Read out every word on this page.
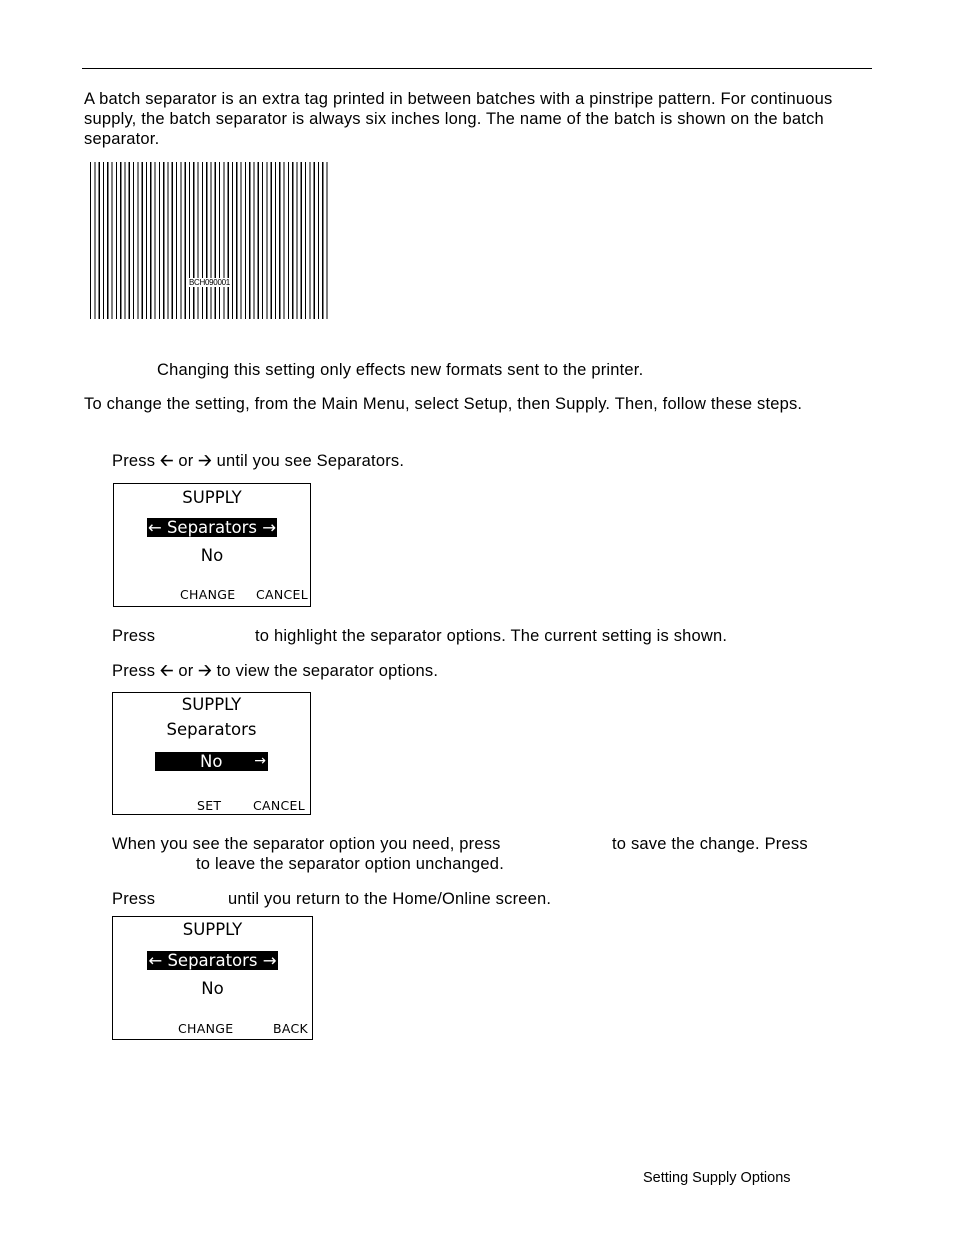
A batch separator is an extra tag printed in between batches with a pinstripe pattern. For continuous supply, the batch separator is always six inches long. The name of the batch is shown on the batch separator.

BCH090001

Changing this setting only effects new formats sent to the printer.

To change the setting, from the Main Menu, select Setup, then Supply. Then, follow these steps.

Press 🡠 or 🡢 until you see Separators.

SUPPLY
← Separators →
No
CHANGE CANCEL

Press	to highlight the separator options. The current setting is shown.

Press 🡠 or 🡢 to view the separator options.

SUPPLY
Separators
No →
SET	CANCEL

When you see the separator option you need, press	to save the change. Press

to leave the separator option unchanged.

Press	until you return to the Home/Online screen.

SUPPLY
← Separators →
No
CHANGE	BACK
Setting Supply Options
